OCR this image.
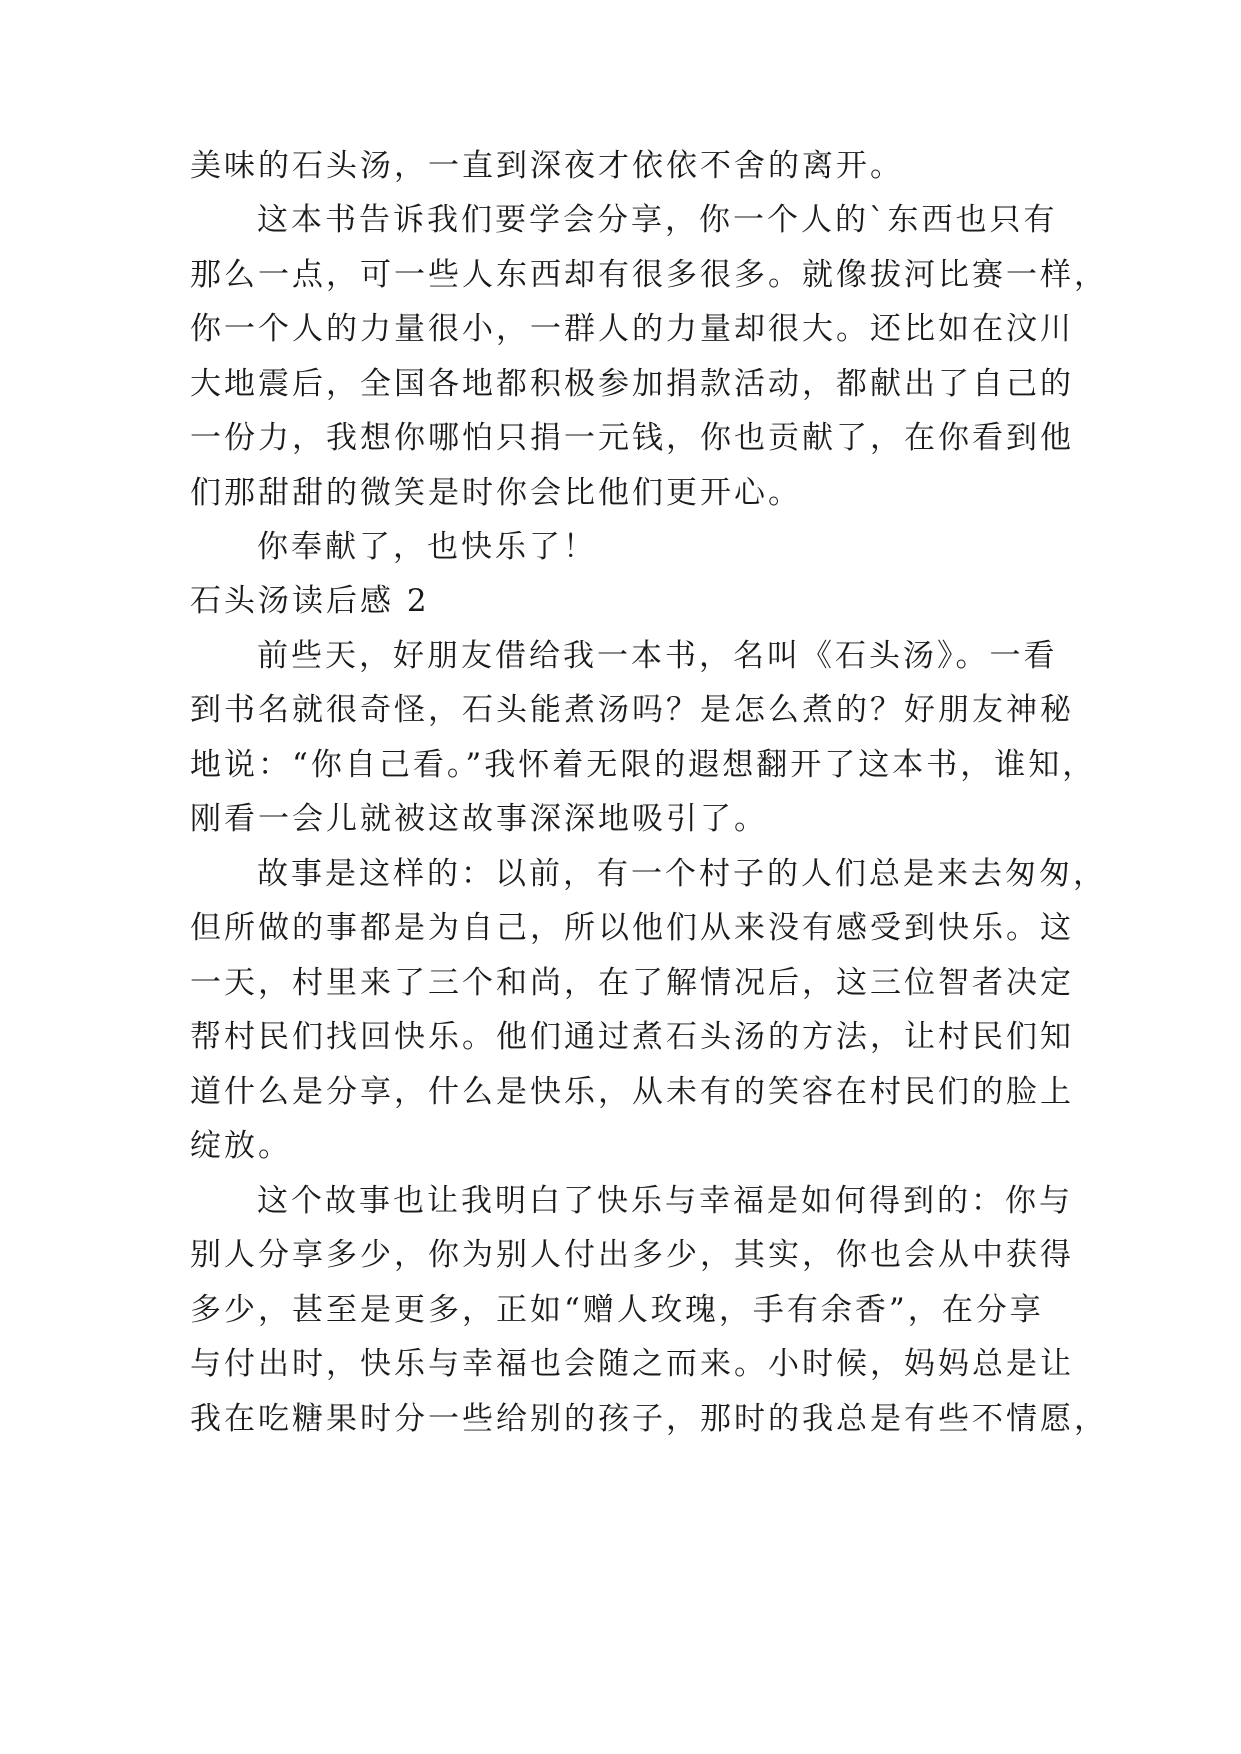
美味的石头汤，一直到深夜才依依不舍的离开。
这本书告诉我们要学会分享，你一个人的`东西也只有
那么一点，可一些人东西却有很多很多。就像拔河比赛一样，
你一个人的力量很小，一群人的力量却很大。还比如在汶川
大地震后，全国各地都积极参加捐款活动，都献出了自己的
一份力，我想你哪怕只捐一元钱，你也贡献了，在你看到他
们那甜甜的微笑是时你会比他们更开心。
你奉献了，也快乐了！
石头汤读后感 2
前些天，好朋友借给我一本书，名叫《石头汤》。一看
到书名就很奇怪，石头能煮汤吗？是怎么煮的？好朋友神秘
地说：“你自己看。”我怀着无限的遐想翻开了这本书，谁知，
刚看一会儿就被这故事深深地吸引了。
故事是这样的：以前，有一个村子的人们总是来去匆匆，
但所做的事都是为自己，所以他们从来没有感受到快乐。这
一天，村里来了三个和尚，在了解情况后，这三位智者决定
帮村民们找回快乐。他们通过煮石头汤的方法，让村民们知
道什么是分享，什么是快乐，从未有的笑容在村民们的脸上
绽放。
这个故事也让我明白了快乐与幸福是如何得到的：你与
别人分享多少，你为别人付出多少，其实，你也会从中获得
多少，甚至是更多，正如“赠人玫瑰，手有余香”，在分享
与付出时，快乐与幸福也会随之而来。小时候，妈妈总是让
我在吃糖果时分一些给别的孩子，那时的我总是有些不情愿，
